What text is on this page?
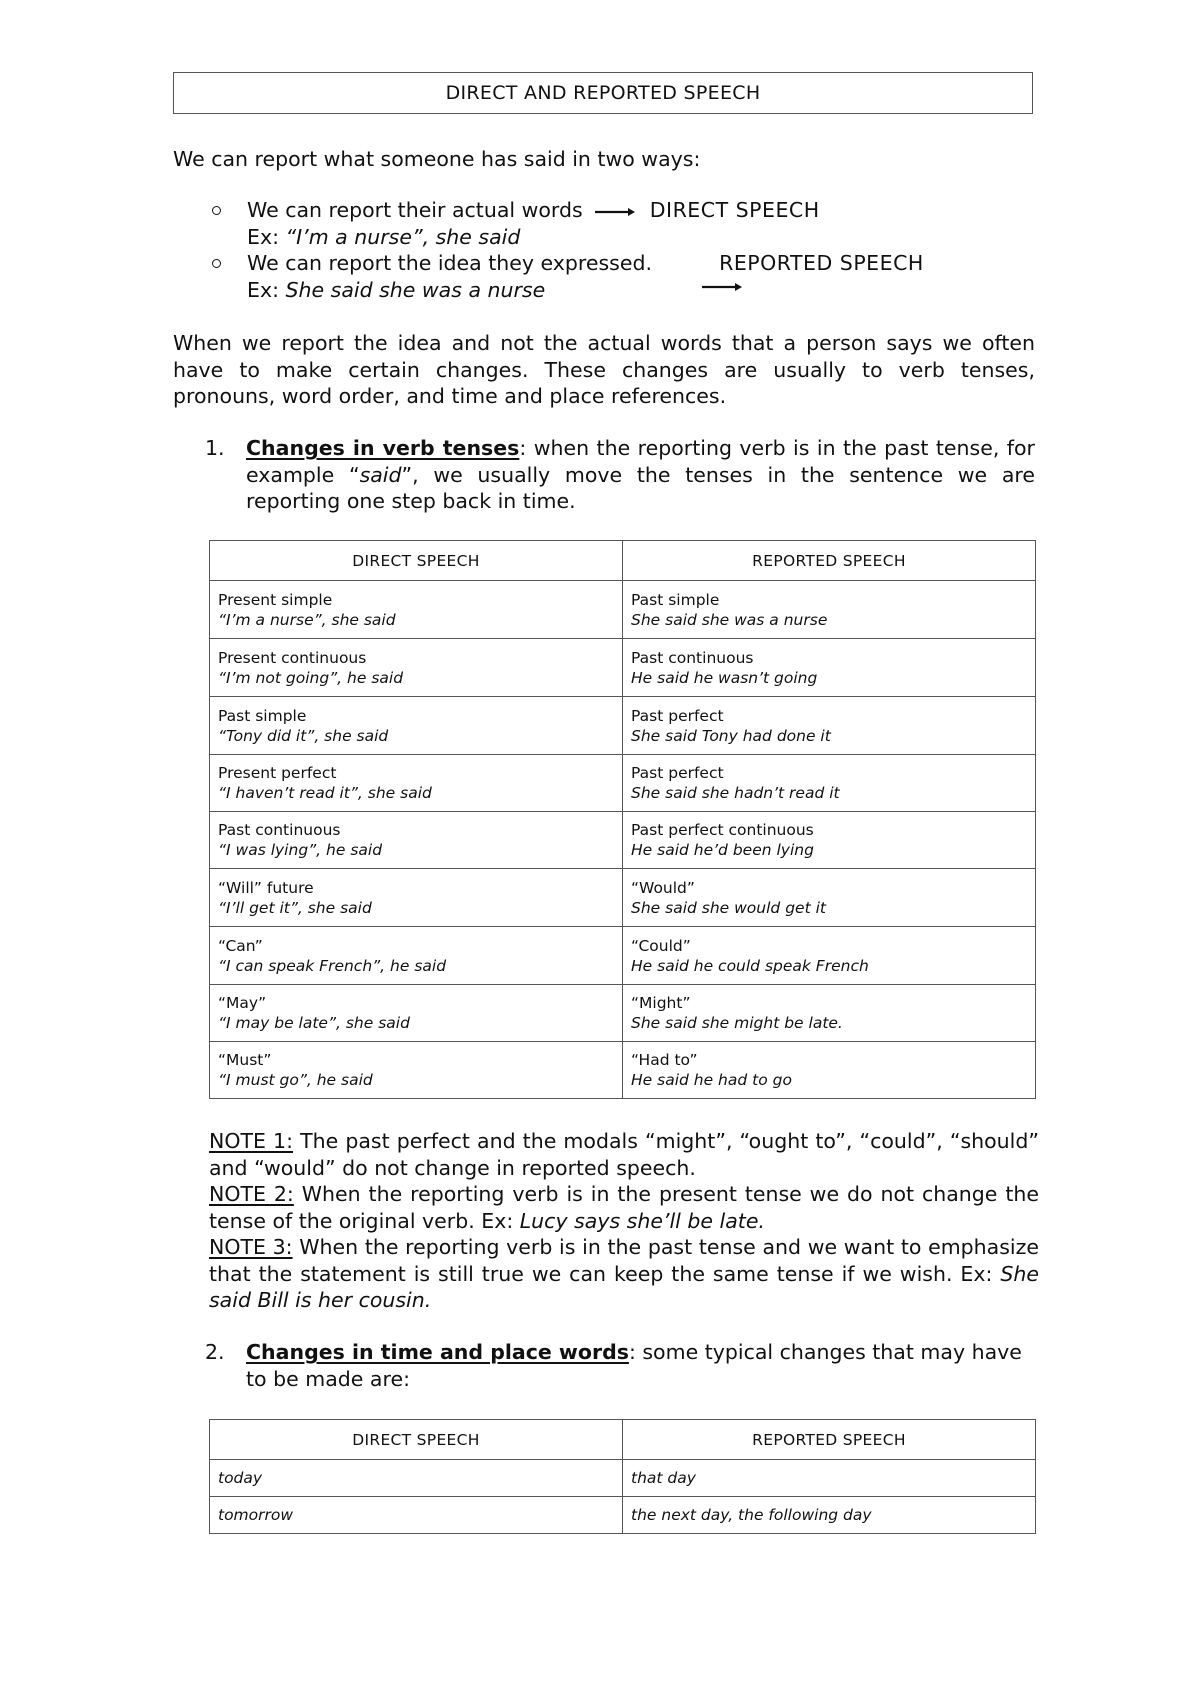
DIRECT AND REPORTED SPEECH
We can report what someone has said in two ways:
We can report their actual words	DIRECT SPEECH
Ex: “I’m a nurse”, she said
We can report the idea they expressed.	REPORTED SPEECH
Ex: She said she was a nurse
When we report the idea and not the actual words that a person says we often have to make certain changes. These changes are usually to verb tenses, pronouns, word order, and time and place references.
1. Changes in verb tenses: when the reporting verb is in the past tense, for example “said”, we usually move the tenses in the sentence we are reporting one step back in time.
DIRECT SPEECH	REPORTED SPEECH

Present simple
“I’m a nurse”, she said	Past simple
She said she was a nurse

Present continuous
“I’m not going”, he said	Past continuous
He said he wasn’t going

Past simple
“Tony did it”, she said	Past perfect
She said Tony had done it

Present perfect
“I haven’t read it”, she said	Past perfect
She said she hadn’t read it

Past continuous
“I was lying”, he said	Past perfect continuous
He said he’d been lying

“Will” future
“I’ll get it”, she said	“Would”
She said she would get it

“Can”
“I can speak French”, he said	“Could”
He said he could speak French

“May”
“I may be late”, she said	“Might”
She said she might be late.

“Must”
“I must go”, he said	“Had to”
He said he had to go
NOTE 1: The past perfect and the modals “might”, “ought to”, “could”, “should” and “would” do not change in reported speech.
NOTE 2: When the reporting verb is in the present tense we do not change the tense of the original verb. Ex: Lucy says she’ll be late.
NOTE 3: When the reporting verb is in the past tense and we want to emphasize that the statement is still true we can keep the same tense if we wish. Ex: She said Bill is her cousin.
2. Changes in time and place words: some typical changes that may have to be made are:
DIRECT SPEECH	REPORTED SPEECH
today	that day
tomorrow	the next day, the following day
